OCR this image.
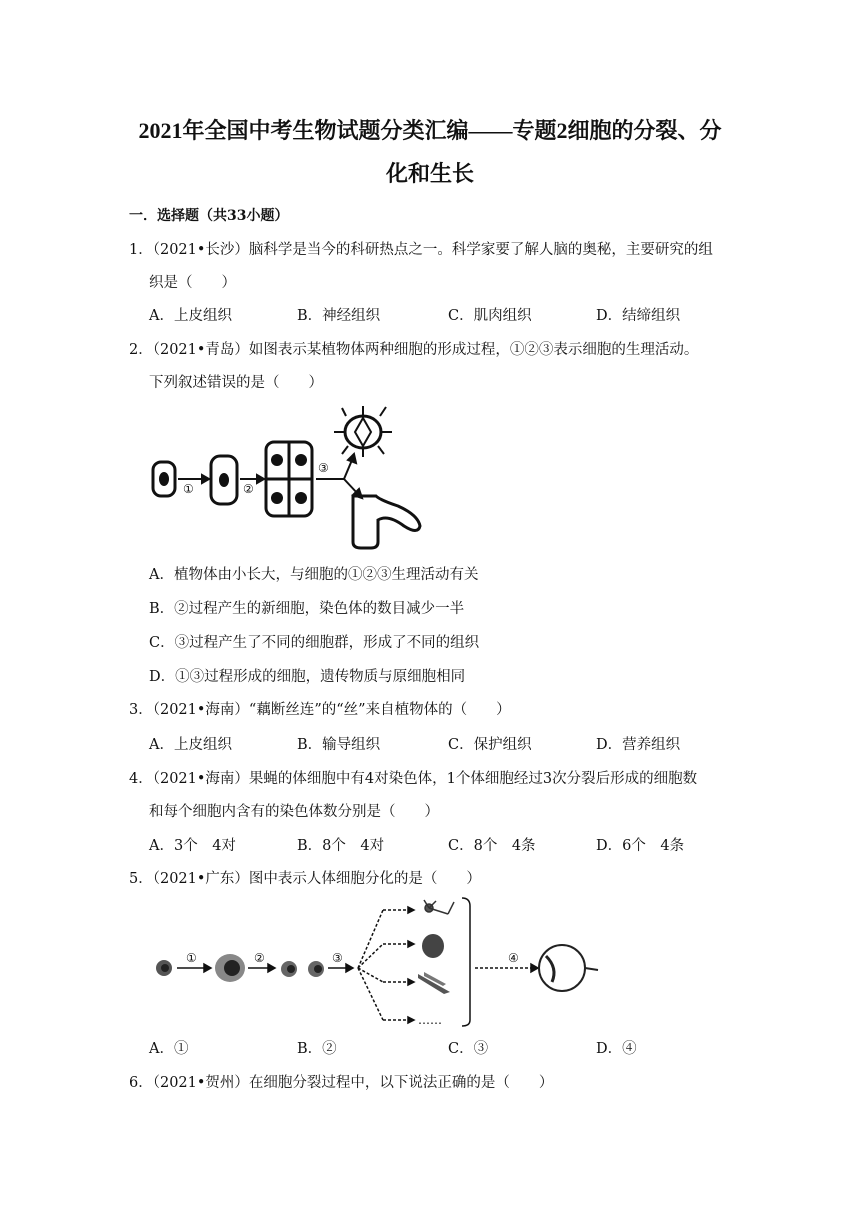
2021年全国中考生物试题分类汇编——专题2细胞的分裂、分
化和生长
一．选择题（共33小题）
1．（2021•长沙）脑科学是当今的科研热点之一。科学家要了解人脑的奥秘，主要研究的组
织是（　　）
A．上皮组织	B．神经组织	C．肌肉组织	D．结缔组织
2．（2021•青岛）如图表示某植物体两种细胞的形成过程，①②③表示细胞的生理活动。
下列叙述错误的是（　　）
①	②
③
A．植物体由小长大，与细胞的①②③生理活动有关
B．②过程产生的新细胞，染色体的数目减少一半
C．③过程产生了不同的细胞群，形成了不同的组织
D．①③过程形成的细胞，遗传物质与原细胞相同
3．（2021•海南）“藕断丝连”的“丝”来自植物体的（　　）
A．上皮组织	B．输导组织	C．保护组织	D．营养组织
4．（2021•海南）果蝇的体细胞中有4对染色体，1个体细胞经过3次分裂后形成的细胞数
和每个细胞内含有的染色体数分别是（　　）
A．3个　4对	B．8个　4对	C．8个　4条	D．6个　4条
5．（2021•广东）图中表示人体细胞分化的是（　　）
①	②	③	④
……
A．①	B．②	C．③	D．④
6．（2021•贺州）在细胞分裂过程中，以下说法正确的是（　　）
